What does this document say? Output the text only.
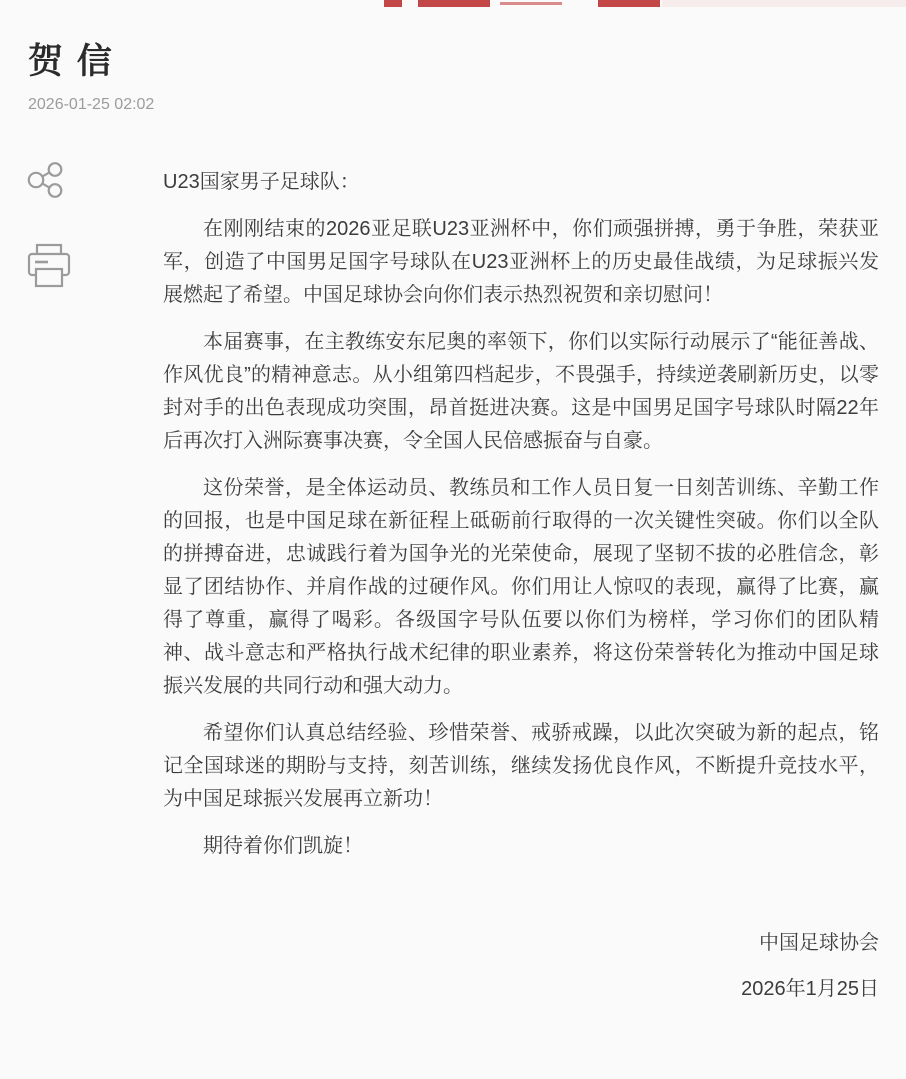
贺 信
2026-01-25 02:02

U23国家男子足球队：

在刚刚结束的2026亚足联U23亚洲杯中，你们顽强拼搏，勇于争胜，荣获亚军，创造了中国男足国字号球队在U23亚洲杯上的历史最佳战绩，为足球振兴发展燃起了希望。中国足球协会向你们表示热烈祝贺和亲切慰问！

本届赛事，在主教练安东尼奥的率领下，你们以实际行动展示了“能征善战、作风优良”的精神意志。从小组第四档起步，不畏强手，持续逆袭刷新历史，以零封对手的出色表现成功突围，昂首挺进决赛。这是中国男足国字号球队时隔22年后再次打入洲际赛事决赛，令全国人民倍感振奋与自豪。

这份荣誉，是全体运动员、教练员和工作人员日复一日刻苦训练、辛勤工作的回报，也是中国足球在新征程上砥砺前行取得的一次关键性突破。你们以全队的拼搏奋进，忠诚践行着为国争光的光荣使命，展现了坚韧不拔的必胜信念，彰显了团结协作、并肩作战的过硬作风。你们用让人惊叹的表现，赢得了比赛，赢得了尊重，赢得了喝彩。各级国字号队伍要以你们为榜样，学习你们的团队精神、战斗意志和严格执行战术纪律的职业素养，将这份荣誉转化为推动中国足球振兴发展的共同行动和强大动力。

希望你们认真总结经验、珍惜荣誉、戒骄戒躁，以此次突破为新的起点，铭记全国球迷的期盼与支持，刻苦训练，继续发扬优良作风，不断提升竞技水平，为中国足球振兴发展再立新功！

期待着你们凯旋！

中国足球协会

2026年1月25日
